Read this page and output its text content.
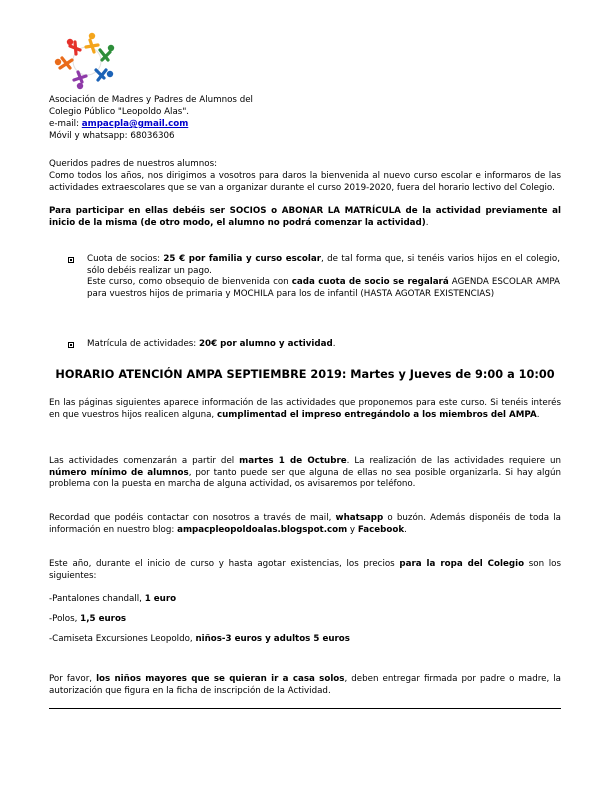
Asociación de Madres y Padres de Alumnos del
Colegio Público "Leopoldo Alas".
e-mail: ampacpla@gmail.com
Móvil y whatsapp: 68036306
Queridos padres de nuestros alumnos:
Como todos los años, nos dirigimos a vosotros para daros la bienvenida al nuevo curso escolar e informaros de las actividades extraescolares que se van a organizar durante el curso 2019-2020, fuera del horario lectivo del Colegio.
Para participar en ellas debéis ser SOCIOS o ABONAR LA MATRÍCULA de la actividad previamente al inicio de la misma (de otro modo, el alumno no podrá comenzar la actividad).
Cuota de socios: 25 € por familia y curso escolar, de tal forma que, si tenéis varios hijos en el colegio, sólo debéis realizar un pago.
Este curso, como obsequio de bienvenida con cada cuota de socio se regalará AGENDA ESCOLAR AMPA para vuestros hijos de primaria y MOCHILA para los de infantil (HASTA AGOTAR EXISTENCIAS)
Matrícula de actividades: 20€ por alumno y actividad.
HORARIO ATENCIÓN AMPA SEPTIEMBRE 2019: Martes y Jueves de 9:00 a 10:00
En las páginas siguientes aparece información de las actividades que proponemos para este curso. Si tenéis interés en que vuestros hijos realicen alguna, cumplimentad el impreso entregándolo a los miembros del AMPA.
Las actividades comenzarán a partir del martes 1 de Octubre. La realización de las actividades requiere un número mínimo de alumnos, por tanto puede ser que alguna de ellas no sea posible organizarla. Si hay algún problema con la puesta en marcha de alguna actividad, os avisaremos por teléfono.
Recordad que podéis contactar con nosotros a través de mail, whatsapp o buzón. Además disponéis de toda la información en nuestro blog: ampacpleopoldoalas.blogspot.com y Facebook.
Este año, durante el inicio de curso y hasta agotar existencias, los precios para la ropa del Colegio son los siguientes:
-Pantalones chandall, 1 euro
-Polos, 1,5 euros
-Camiseta Excursiones Leopoldo, niños-3 euros y adultos 5 euros
Por favor, los niños mayores que se quieran ir a casa solos, deben entregar firmada por padre o madre, la autorización que figura en la ficha de inscripción de la Actividad.
